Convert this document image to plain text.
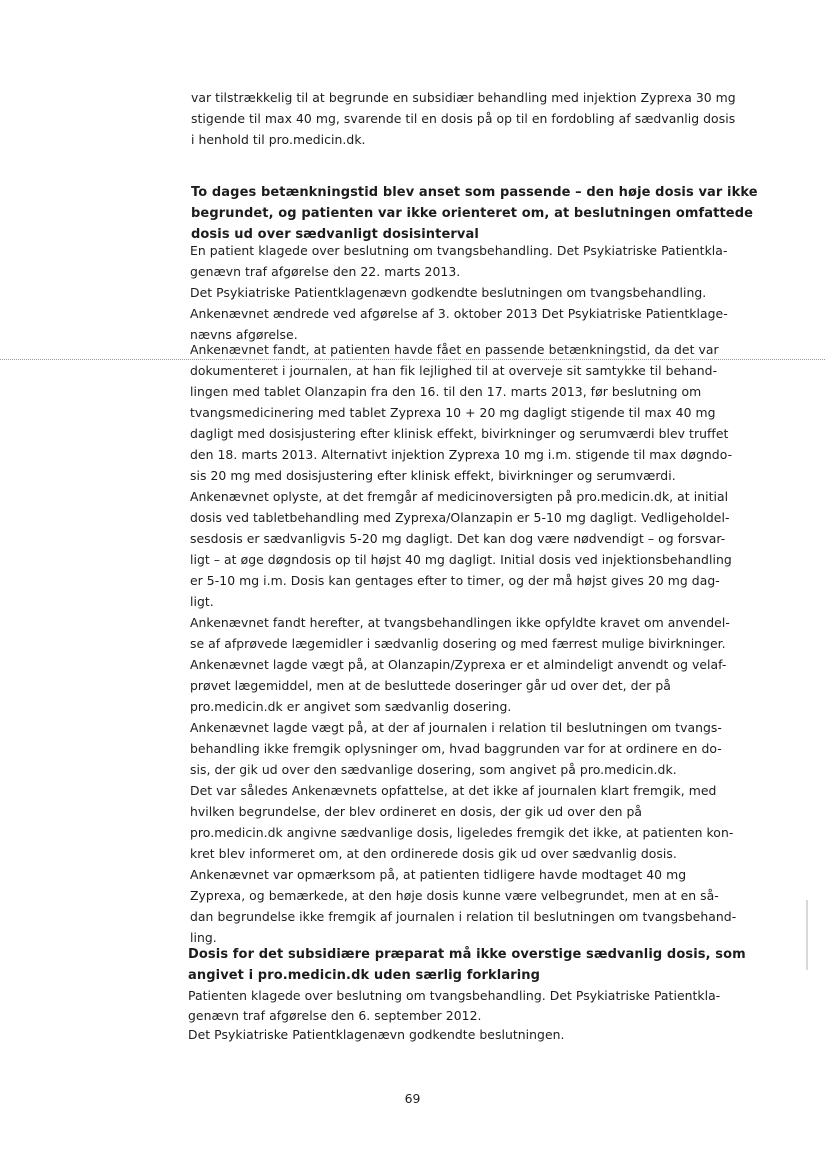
var tilstrækkelig til at begrunde en subsidiær behandling med injektion Zyprexa 30 mg
stigende til max 40 mg, svarende til en dosis på op til en fordobling af sædvanlig dosis
i henhold til pro.medicin.dk.
To dages betænkningstid blev anset som passende – den høje dosis var ikke
begrundet, og patienten var ikke orienteret om, at beslutningen omfattede
dosis ud over sædvanligt dosisinterval
En patient klagede over beslutning om tvangsbehandling. Det Psykiatriske Patientkla-
genævn traf afgørelse den 22. marts 2013.
Det Psykiatriske Patientklagenævn godkendte beslutningen om tvangsbehandling.
Ankenævnet ændrede ved afgørelse af 3. oktober 2013 Det Psykiatriske Patientklage-
nævns afgørelse.
Ankenævnet fandt, at patienten havde fået en passende betænkningstid, da det var
dokumenteret i journalen, at han fik lejlighed til at overveje sit samtykke til behand-
lingen med tablet Olanzapin fra den 16. til den 17. marts 2013, før beslutning om
tvangsmedicinering med tablet Zyprexa 10 + 20 mg dagligt stigende til max 40 mg
dagligt med dosisjustering efter klinisk effekt, bivirkninger og serumværdi blev truffet
den 18. marts 2013. Alternativt injektion Zyprexa 10 mg i.m. stigende til max døgndo-
sis 20 mg med dosisjustering efter klinisk effekt, bivirkninger og serumværdi.
Ankenævnet oplyste, at det fremgår af medicinoversigten på pro.medicin.dk, at initial
dosis ved tabletbehandling med Zyprexa/Olanzapin er 5-10 mg dagligt. Vedligeholdel-
sesdosis er sædvanligvis 5-20 mg dagligt. Det kan dog være nødvendigt – og forsvar-
ligt – at øge døgndosis op til højst 40 mg dagligt. Initial dosis ved injektionsbehandling
er 5-10 mg i.m. Dosis kan gentages efter to timer, og der må højst gives 20 mg dag-
ligt.
Ankenævnet fandt herefter, at tvangsbehandlingen ikke opfyldte kravet om anvendel-
se af afprøvede lægemidler i sædvanlig dosering og med færrest mulige bivirkninger.
Ankenævnet lagde vægt på, at Olanzapin/Zyprexa er et almindeligt anvendt og velaf-
prøvet lægemiddel, men at de besluttede doseringer går ud over det, der på
pro.medicin.dk er angivet som sædvanlig dosering.
Ankenævnet lagde vægt på, at der af journalen i relation til beslutningen om tvangs-
behandling ikke fremgik oplysninger om, hvad baggrunden var for at ordinere en do-
sis, der gik ud over den sædvanlige dosering, som angivet på pro.medicin.dk.
Det var således Ankenævnets opfattelse, at det ikke af journalen klart fremgik, med
hvilken begrundelse, der blev ordineret en dosis, der gik ud over den på
pro.medicin.dk angivne sædvanlige dosis, ligeledes fremgik det ikke, at patienten kon-
kret blev informeret om, at den ordinerede dosis gik ud over sædvanlig dosis.
Ankenævnet var opmærksom på, at patienten tidligere havde modtaget 40 mg
Zyprexa, og bemærkede, at den høje dosis kunne være velbegrundet, men at en så-
dan begrundelse ikke fremgik af journalen i relation til beslutningen om tvangsbehand-
ling.
Dosis for det subsidiære præparat må ikke overstige sædvanlig dosis, som
angivet i pro.medicin.dk uden særlig forklaring
Patienten klagede over beslutning om tvangsbehandling. Det Psykiatriske Patientkla-
genævn traf afgørelse den 6. september 2012.
Det Psykiatriske Patientklagenævn godkendte beslutningen.
69
